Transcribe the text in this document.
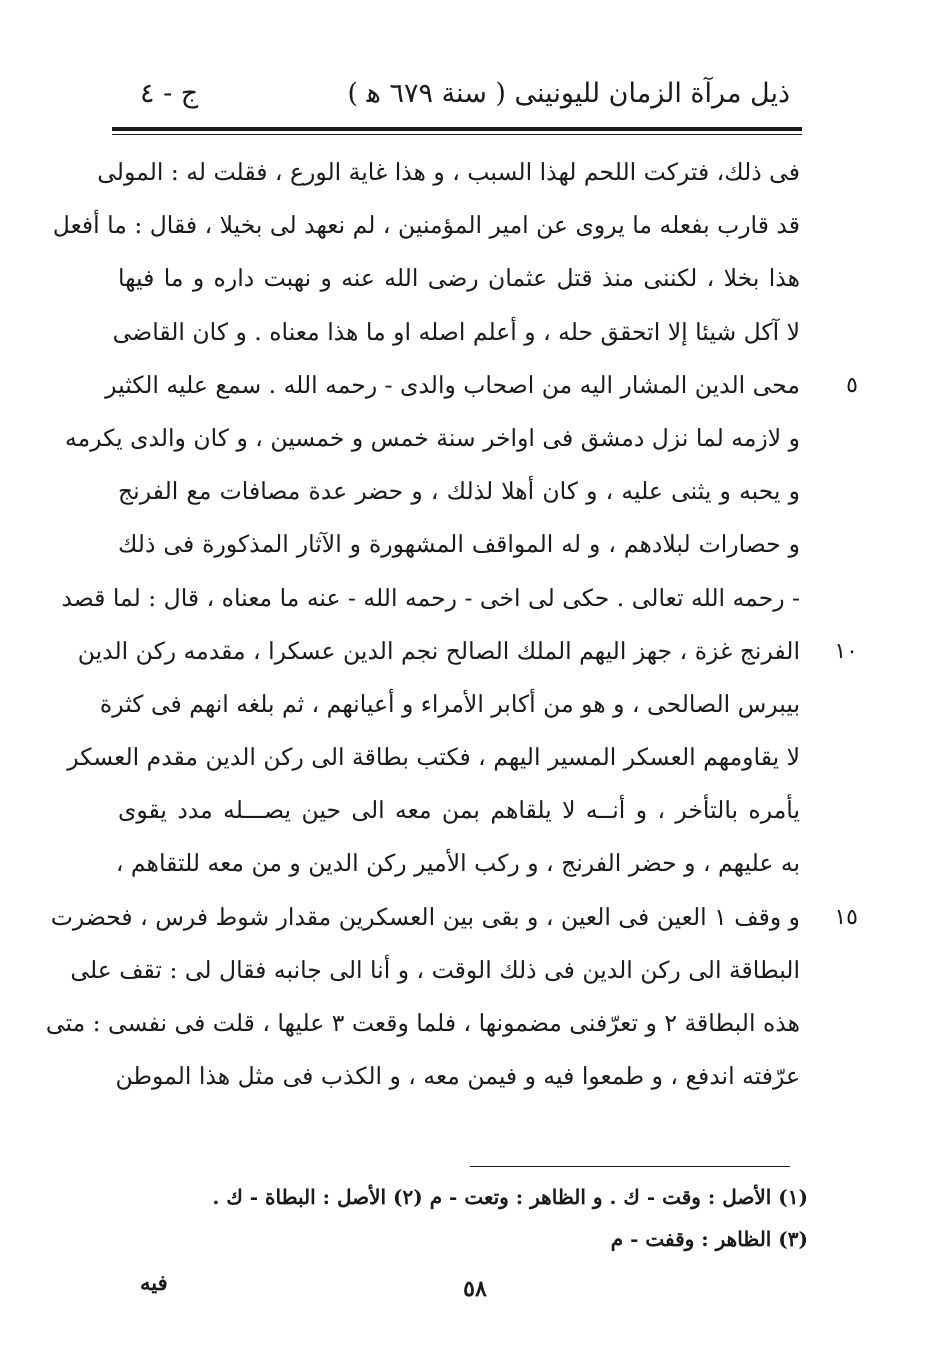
ذيل مرآة الزمان لليونينى ( سنة ٦٧٩ ﻫ )
ج - ٤
فى ذلك، فتركت اللحم لهذا السبب ، و هذا غاية الورع ، فقلت له : المولى
قد قارب بفعله ما يروى عن امير المؤمنين ، لم نعهد لى بخيلا ، فقال : ما أفعل
هذا بخلا ، لكننى منذ قتل عثمان رضى الله عنه و نهبت داره و ما فيها
لا آكل شيئا إلا اتحقق حله ، و أعلم اصله او ما هذا معناه . و كان القاضى
٥
محى الدين المشار اليه من اصحاب والدى - رحمه الله . سمع عليه الكثير
و لازمه لما نزل دمشق فى اواخر سنة خمس و خمسين ، و كان والدى يكرمه
و يحبه و يثنى عليه ، و كان أهلا لذلك ، و حضر عدة مصافات مع الفرنج
و حصارات لبلادهم ، و له المواقف المشهورة و الآثار المذكورة فى ذلك
- رحمه الله تعالى . حكى لى اخى - رحمه الله - عنه ما معناه ، قال : لما قصد
١٠
الفرنج غزة ، جهز اليهم الملك الصالح نجم الدين عسكرا ، مقدمه ركن الدين
بيبرس الصالحى ، و هو من أكابر الأمراء و أعيانهم ، ثم بلغه انهم فى كثرة
لا يقاومهم العسكر المسير اليهم ، فكتب بطاقة الى ركن الدين مقدم العسكر
يأمره بالتأخر ، و أنــه لا يلقاهم بمن معه الى حين يصـــله مدد يقوى
به عليهم ، و حضر الفرنج ، و ركب الأمير ركن الدين و من معه للتقاهم ،
١٥
و وقف ١ العين فى العين ، و بقى بين العسكرين مقدار شوط فرس ، فحضرت
البطاقة الى ركن الدين فى ذلك الوقت ، و أنا الى جانبه فقال لى : تقف على
هذه البطاقة ٢ و تعرّفنى مضمونها ، فلما وقعت ٣ عليها ، قلت فى نفسى : متى
عرّفته اندفع ، و طمعوا فيه و فيمن معه ، و الكذب فى مثل هذا الموطن
(١) الأصل : وقت - ك . و الظاهر : وتعت - م (٢) الأصل : البطاة - ك .
(٣) الظاهر : وقفت - م
فيه	٥٨
